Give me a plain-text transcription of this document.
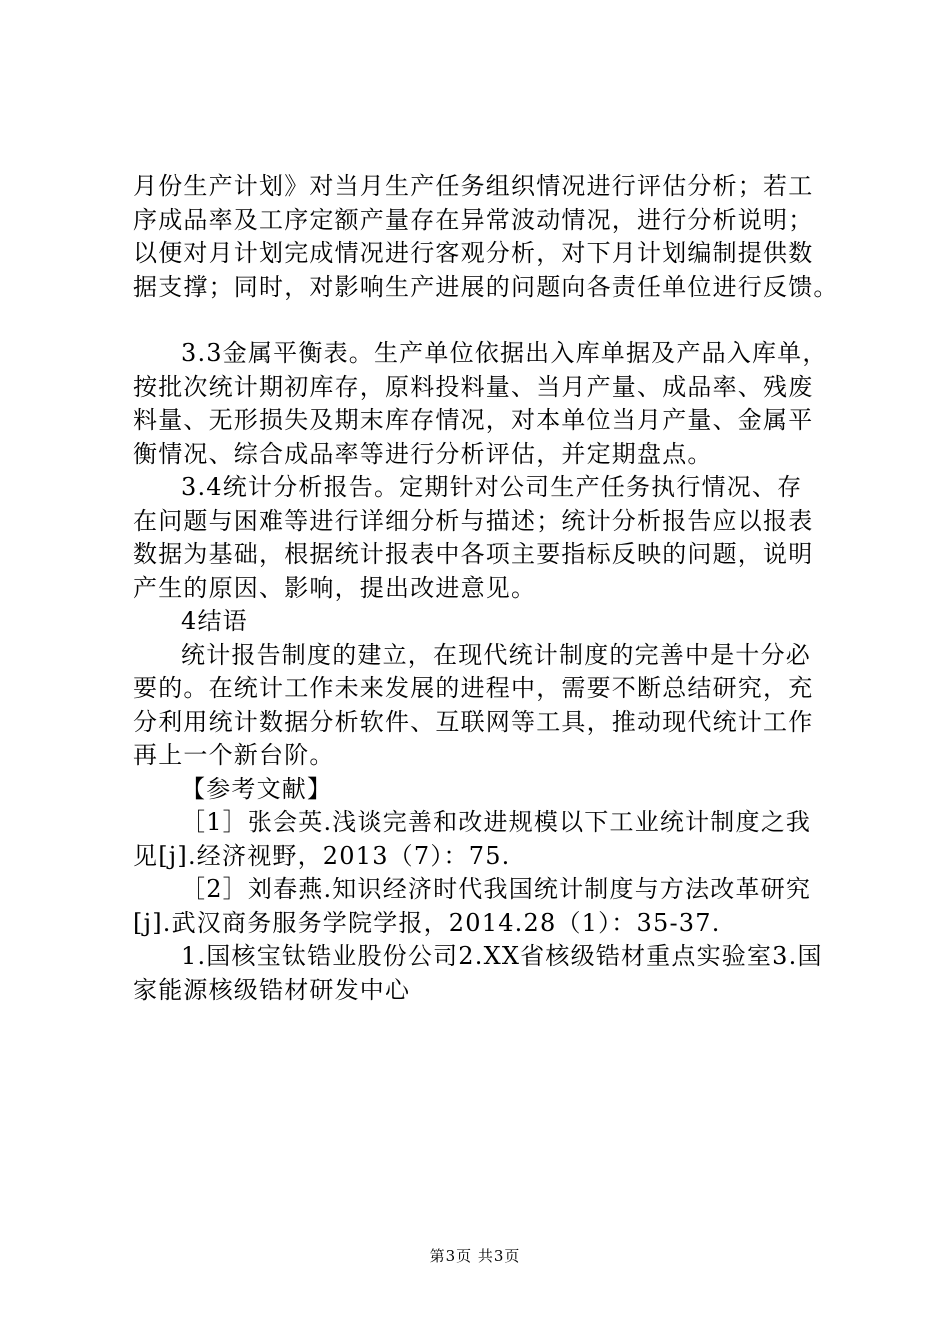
月份生产计划》对当月生产任务组织情况进行评估分析；若工
序成品率及工序定额产量存在异常波动情况，进行分析说明；
以便对月计划完成情况进行客观分析，对下月计划编制提供数
据支撑；同时，对影响生产进展的问题向各责任单位进行反馈。

3.3金属平衡表。生产单位依据出入库单据及产品入库单，
按批次统计期初库存，原料投料量、当月产量、成品率、残废
料量、无形损失及期末库存情况，对本单位当月产量、金属平
衡情况、综合成品率等进行分析评估，并定期盘点。

3.4统计分析报告。定期针对公司生产任务执行情况、存
在问题与困难等进行详细分析与描述；统计分析报告应以报表
数据为基础，根据统计报表中各项主要指标反映的问题，说明
产生的原因、影响，提出改进意见。

4结语

统计报告制度的建立，在现代统计制度的完善中是十分必
要的。在统计工作未来发展的进程中，需要不断总结研究，充
分利用统计数据分析软件、互联网等工具，推动现代统计工作
再上一个新台阶。

【参考文献】

［1］张会英.浅谈完善和改进规模以下工业统计制度之我
见[j].经济视野，2013（7）：75.

［2］刘春燕.知识经济时代我国统计制度与方法改革研究
[j].武汉商务服务学院学报，2014.28（1）：35-37.

1.国核宝钛锆业股份公司2.XX省核级锆材重点实验室3.国
家能源核级锆材研发中心

第3页 共3页
